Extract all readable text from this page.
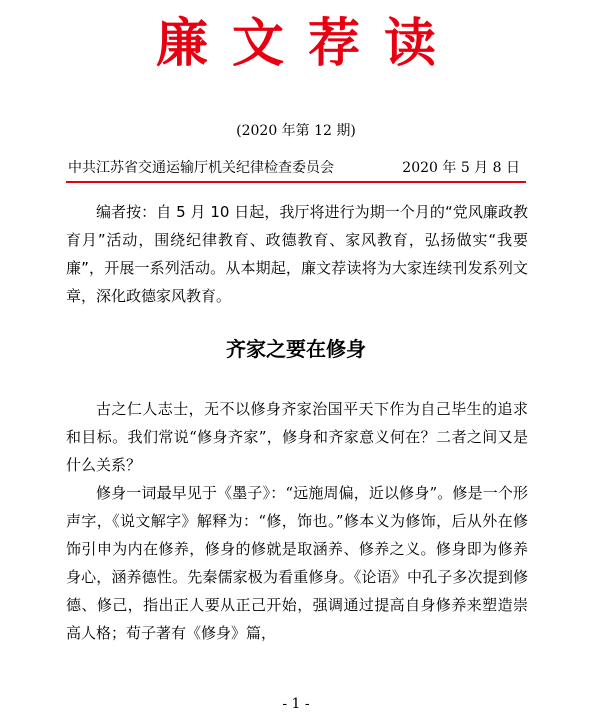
廉文荐读
(2020 年第 12 期)
中共江苏省交通运输厅机关纪律检查委员会	2020 年 5 月 8 日
编者按：自 5 月 10 日起，我厅将进行为期一个月的“党风廉政教育月”活动，围绕纪律教育、政德教育、家风教育，弘扬做实“我要廉”，开展一系列活动。从本期起，廉文荐读将为大家连续刊发系列文章，深化政德家风教育。
齐家之要在修身
古之仁人志士，无不以修身齐家治国平天下作为自己毕生的追求和目标。我们常说“修身齐家”，修身和齐家意义何在？二者之间又是什么关系？
修身一词最早见于《墨子》：“远施周偏，近以修身”。修是一个形声字，《说文解字》解释为：“修，饰也。”修本义为修饰，后从外在修饰引申为内在修养，修身的修就是取涵养、修养之义。修身即为修养身心，涵养德性。先秦儒家极为看重修身。《论语》中孔子多次提到修德、修己，指出正人要从正己开始，强调通过提高自身修养来塑造崇高人格；荀子著有《修身》篇，
- 1 -
